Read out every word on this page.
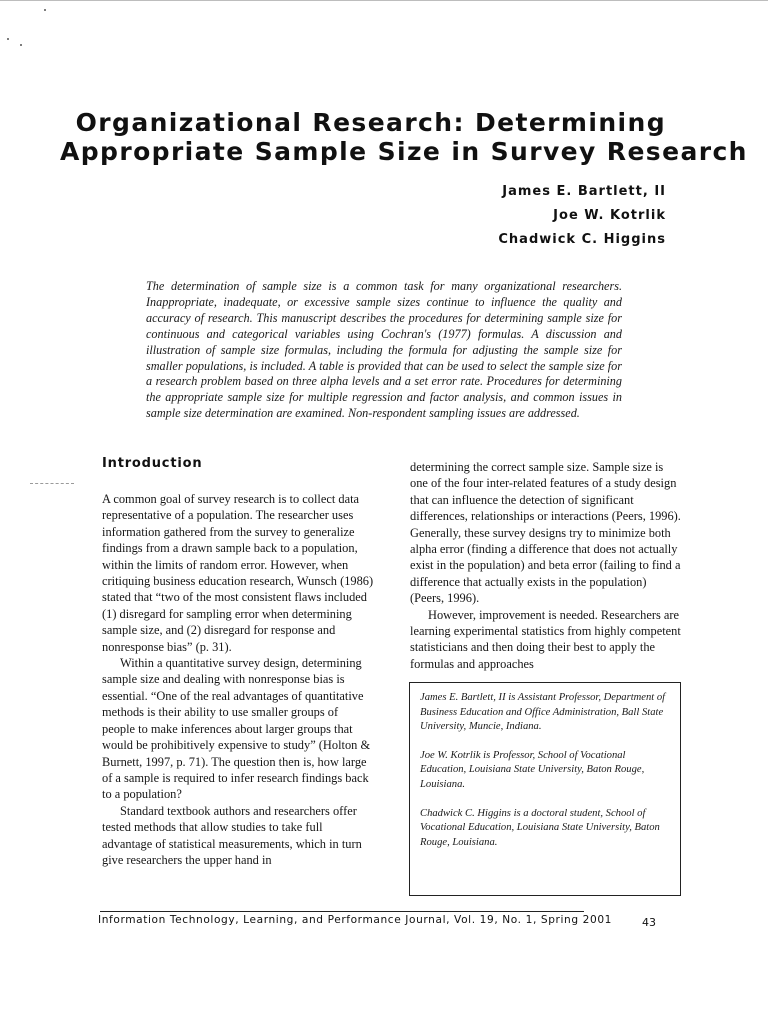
Organizational Research: Determining
Appropriate Sample Size in Survey Research
James E. Bartlett, II
Joe W. Kotrlik
Chadwick C. Higgins

The determination of sample size is a common task for many organizational researchers. Inappropriate, inadequate, or excessive sample sizes continue to influence the quality and accuracy of research. This manuscript describes the procedures for determining sample size for continuous and categorical variables using Cochran's (1977) formulas. A discussion and illustration of sample size formulas, including the formula for adjusting the sample size for smaller populations, is included. A table is provided that can be used to select the sample size for a research problem based on three alpha levels and a set error rate. Procedures for determining the appropriate sample size for multiple regression and factor analysis, and common issues in sample size determination are examined. Non-respondent sampling issues are addressed.

Introduction

A common goal of survey research is to collect data representative of a population. The researcher uses information gathered from the survey to generalize findings from a drawn sample back to a population, within the limits of random error. However, when critiquing business education research, Wunsch (1986) stated that “two of the most consistent flaws included (1) disregard for sampling error when determining sample size, and (2) disregard for response and nonresponse bias” (p. 31).

Within a quantitative survey design, determining sample size and dealing with nonresponse bias is essential. “One of the real advantages of quantitative methods is their ability to use smaller groups of people to make inferences about larger groups that would be prohibitively expensive to study” (Holton & Burnett, 1997, p. 71). The question then is, how large of a sample is required to infer research findings back to a population?

Standard textbook authors and researchers offer tested methods that allow studies to take full advantage of statistical measurements, which in turn give researchers the upper hand in

determining the correct sample size. Sample size is one of the four inter-related features of a study design that can influence the detection of significant differences, relationships or interactions (Peers, 1996). Generally, these survey designs try to minimize both alpha error (finding a difference that does not actually exist in the population) and beta error (failing to find a difference that actually exists in the population) (Peers, 1996).

However, improvement is needed. Researchers are learning experimental statistics from highly competent statisticians and then doing their best to apply the formulas and approaches

James E. Bartlett, II is Assistant Professor, Department of Business Education and Office Administration, Ball State University, Muncie, Indiana.

Joe W. Kotrlik is Professor, School of Vocational Education, Louisiana State University, Baton Rouge, Louisiana.

Chadwick C. Higgins is a doctoral student, School of Vocational Education, Louisiana State University, Baton Rouge, Louisiana.

Information Technology, Learning, and Performance Journal, Vol. 19, No. 1, Spring 2001	43
